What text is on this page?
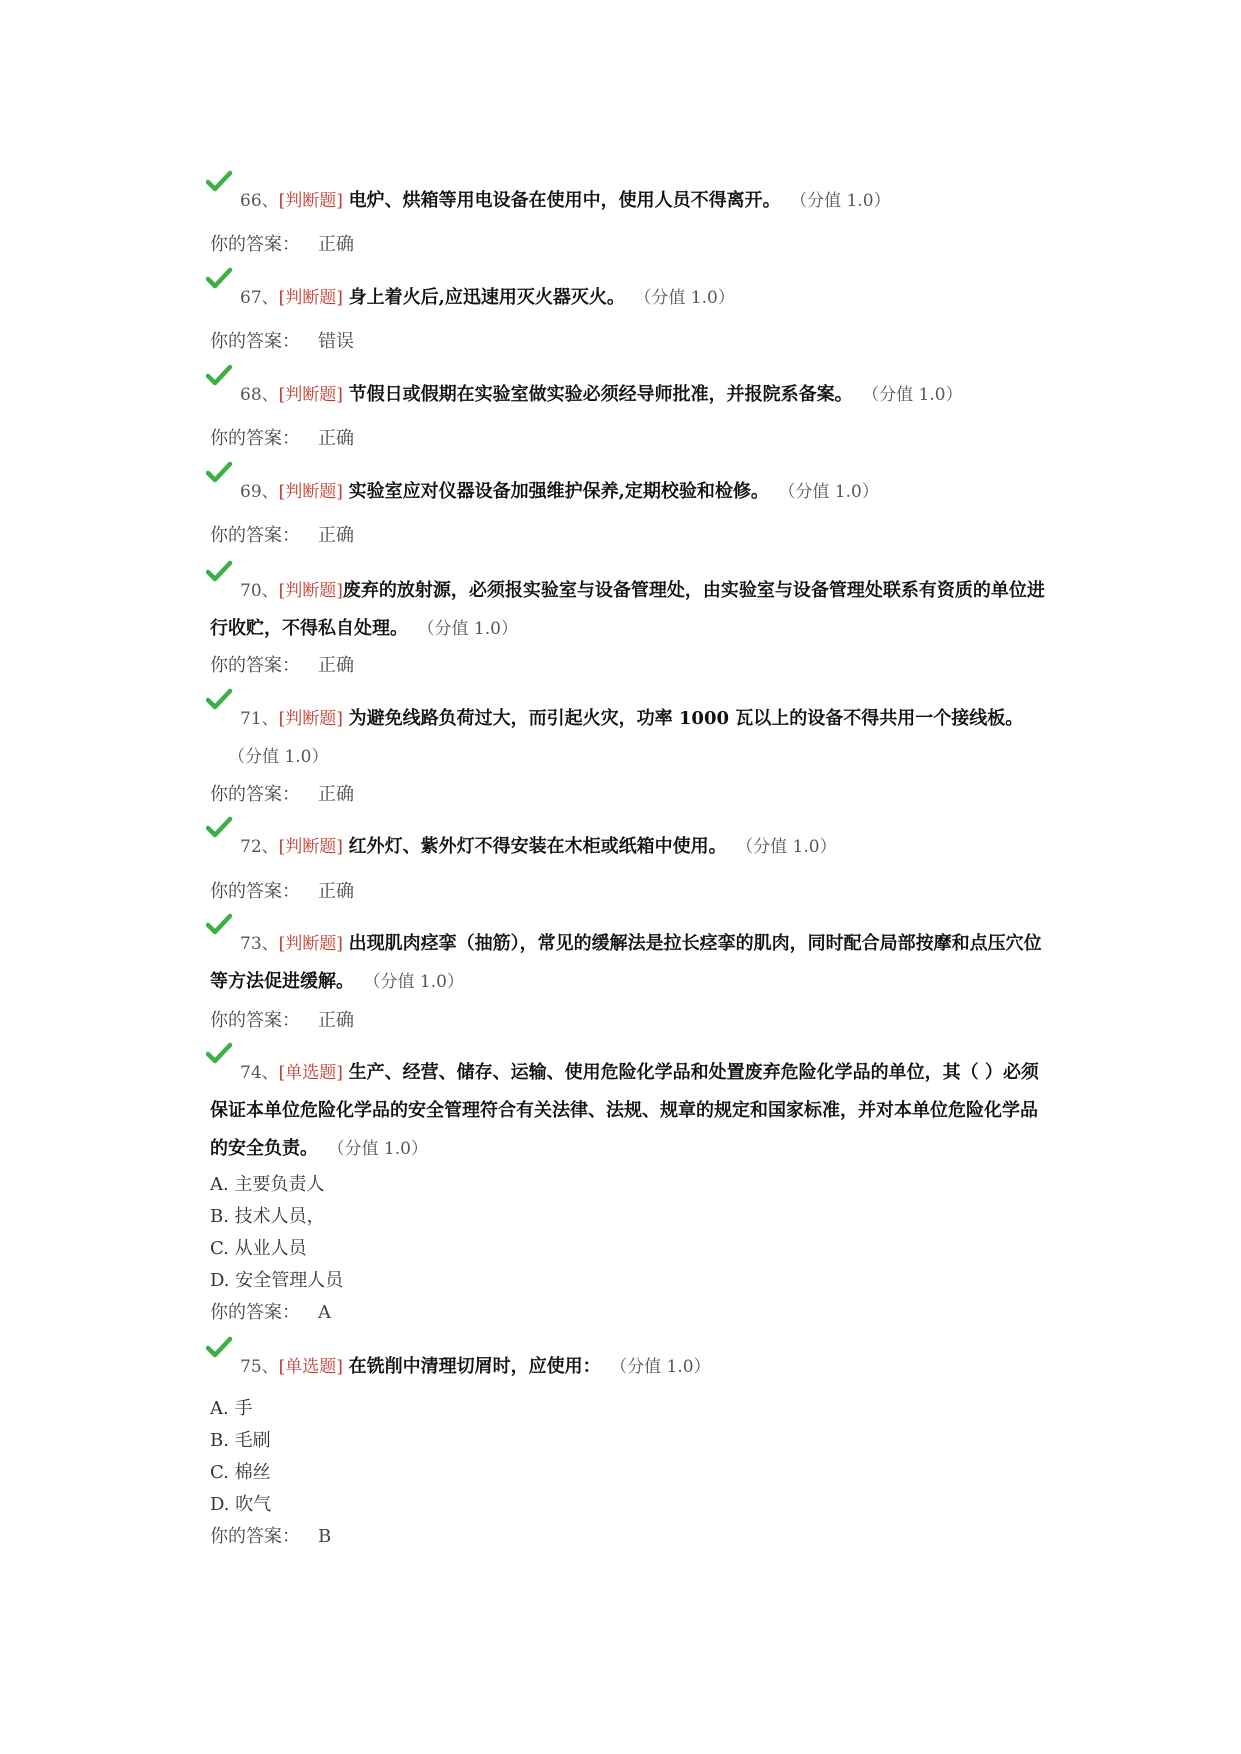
66、[判断题] 电炉、烘箱等用电设备在使用中，使用人员不得离开。 （分值 1.0）

你的答案： 正确

67、[判断题] 身上着火后,应迅速用灭火器灭火。 （分值 1.0）

你的答案： 错误

68、[判断题] 节假日或假期在实验室做实验必须经导师批准，并报院系备案。 （分值 1.0）

你的答案： 正确

69、[判断题] 实验室应对仪器设备加强维护保养,定期校验和检修。 （分值 1.0）

你的答案： 正确

70、[判断题]废弃的放射源，必须报实验室与设备管理处，由实验室与设备管理处联系有资质的单位进行收贮，不得私自处理。 （分值 1.0）

你的答案： 正确

71、[判断题] 为避免线路负荷过大，而引起火灾，功率 1000 瓦以上的设备不得共用一个接线板。（分值 1.0）

你的答案： 正确

72、[判断题] 红外灯、紫外灯不得安装在木柜或纸箱中使用。 （分值 1.0）

你的答案： 正确

73、[判断题] 出现肌肉痉挛（抽筋），常见的缓解法是拉长痉挛的肌肉，同时配合局部按摩和点压穴位等方法促进缓解。 （分值 1.0）

你的答案： 正确

74、[单选题] 生产、经营、储存、运输、使用危险化学品和处置废弃危险化学品的单位，其（ ）必须保证本单位危险化学品的安全管理符合有关法律、法规、规章的规定和国家标准，并对本单位危险化学品的安全负责。 （分值 1.0）

A. 主要负责人
B. 技术人员，
C. 从业人员
D. 安全管理人员
你的答案： A

75、[单选题] 在铣削中清理切屑时，应使用： （分值 1.0）

A. 手
B. 毛刷
C. 棉丝
D. 吹气
你的答案： B
